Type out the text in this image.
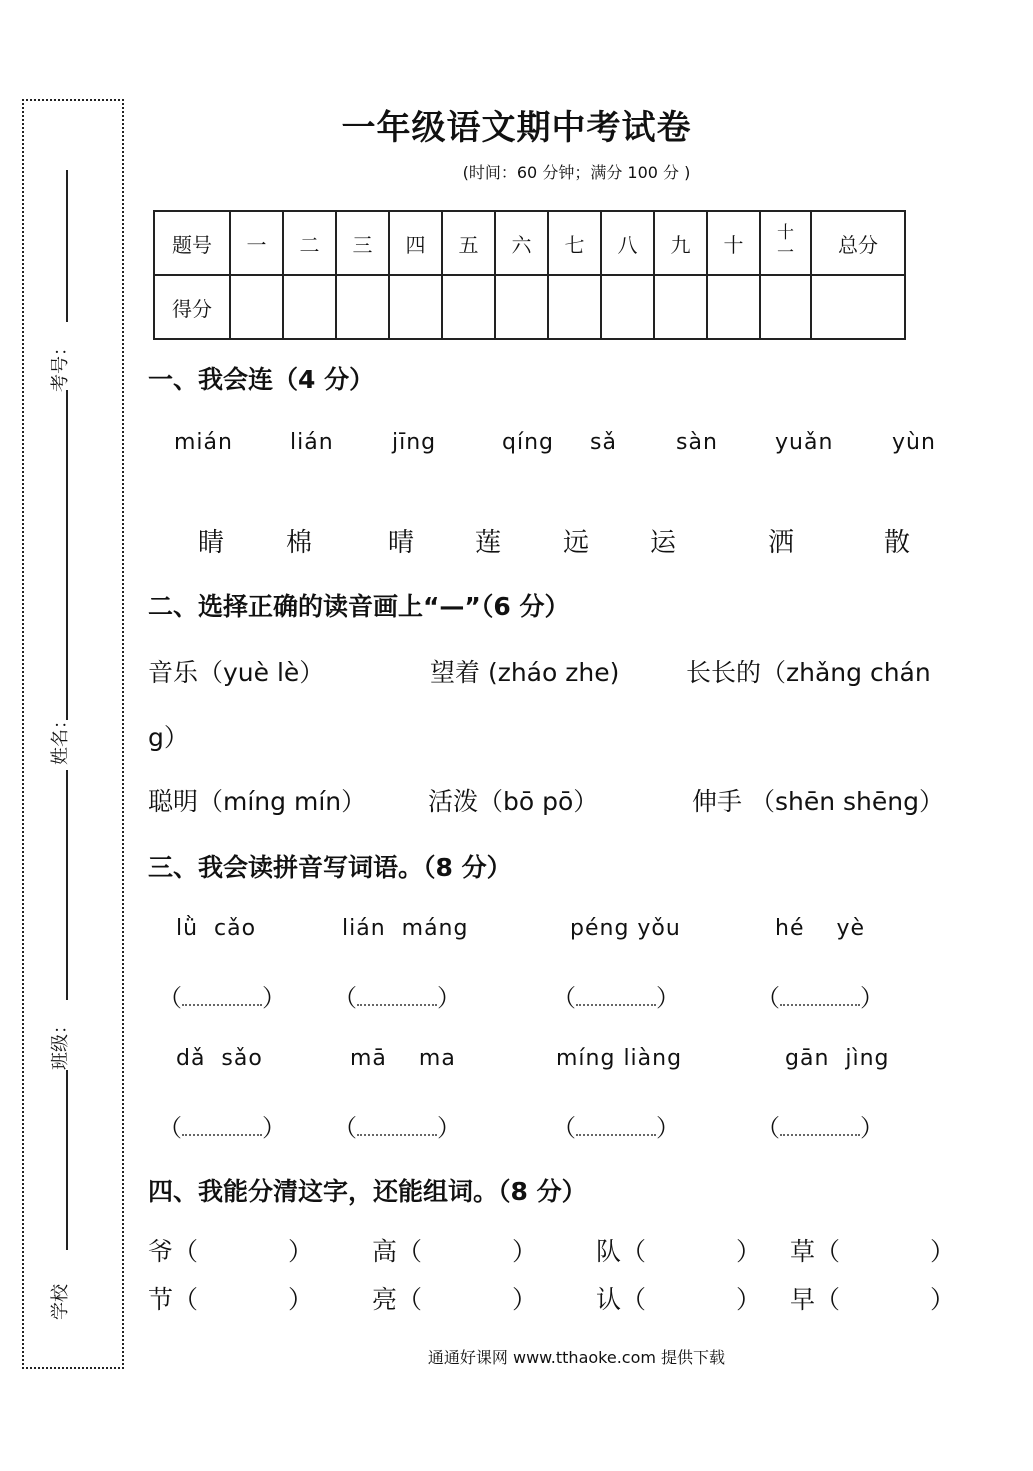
考号：
姓名：
班级：
学校
一年级语文期中考试卷
(时间：60 分钟；满分 100 分 )
题号	一	二	三	四	五	六	七	八	九	十	十一	总分
得分												
一、我会连（4 分）
mián	lián	jīng	qíng sǎ	sàn	yuǎn	yùn
睛 棉	晴 莲 远 运	洒	散
二、选择正确的读音画上“—”（6 分）
音乐（yuè lè）	望着 (zháo zhe)	长长的（zhǎng chán
g）
聪明（míng mín） 活泼（bō pō）	伸手 （shēn shēng）
三、我会读拼音写词语。（8 分）
lǜ  cǎo	lián  máng	péng yǒu	hé    yè
（	） （	）	（	）	（	）
dǎ  sǎo	mā    ma	míng liàng	gān  jìng
（	） （	）	（	）	（	）
四、我能分清这字，还能组词。（8 分）
爷（	） 高（	） 队（	） 草（	）
节（	） 亮（	） 认（	） 早（	）
通通好课网 www.tthaoke.com 提供下载
